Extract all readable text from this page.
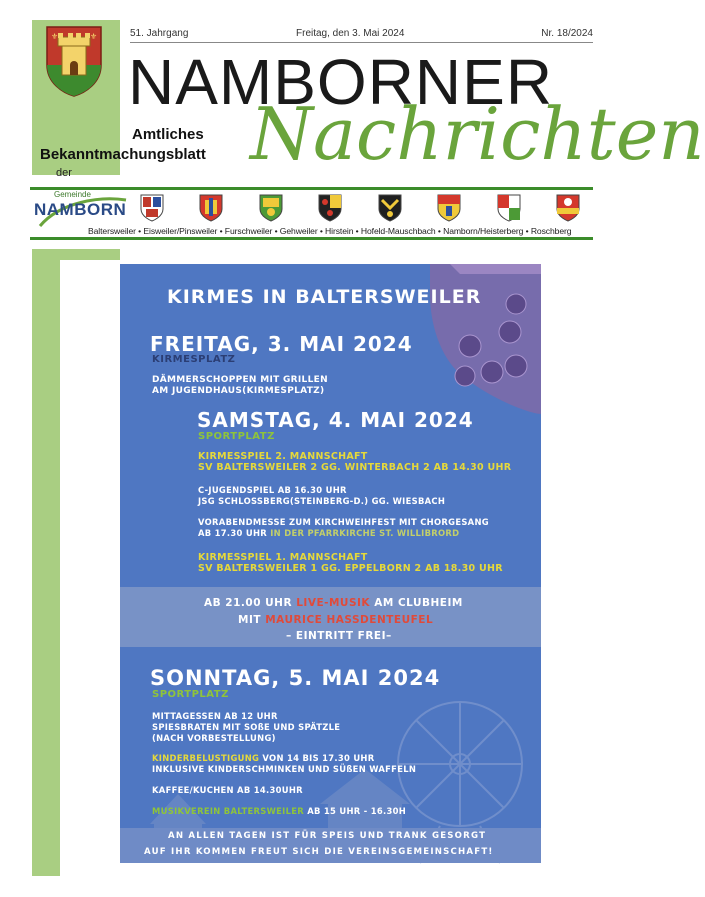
⚜	⚜	51. Jahrgang	Freitag, den 3. Mai 2024	Nr. 18/2024
NAMBORNER
Nachrichten
Amtliches
Bekanntmachungsblatt
der
Gemeinde
NAMBORN
Baltersweiler • Eisweiler/Pinsweiler • Furschweiler • Gehweiler • Hirstein • Hofeld-Mauschbach • Namborn/Heisterberg • Roschberg
KIRMES IN BALTERSWEILER
FREITAG, 3. MAI 2024
KIRMESPLATZ
DÄMMERSCHOPPEN MIT GRILLEN
AM JUGENDHAUS(KIRMESPLATZ)
SAMSTAG, 4. MAI 2024
SPORTPLATZ
KIRMESSPIEL 2. MANNSCHAFT
SV BALTERSWEILER 2 GG. WINTERBACH 2 AB 14.30 UHR
C-JUGENDSPIEL AB 16.30 UHR
JSG SCHLOSSBERG(STEINBERG-D.) GG. WIESBACH
VORABENDMESSE ZUM KIRCHWEIHFEST MIT CHORGESANG
AB 17.30 UHR IN DER PFARRKIRCHE ST. WILLIBRORD
KIRMESSPIEL 1. MANNSCHAFT
SV BALTERSWEILER 1 GG. EPPELBORN 2 AB 18.30 UHR
AB 21.00 UHR LIVE-MUSIK AM CLUBHEIM
MIT MAURICE HASSDENTEUFEL
– EINTRITT FREI–
SONNTAG, 5. MAI 2024
SPORTPLATZ
MITTAGESSEN AB 12 UHR
SPIESBRATEN MIT SOßE UND SPÄTZLE
(NACH VORBESTELLUNG)
KINDERBELUSTIGUNG VON 14 BIS 17.30 UHR
INKLUSIVE KINDERSCHMINKEN UND SÜßEN WAFFELN
KAFFEE/KUCHEN AB 14.30UHR
MUSIKVEREIN BALTERSWEILER AB 15 UHR - 16.30H
AN ALLEN TAGEN IST FÜR SPEIS UND TRANK GESORGT
AUF IHR KOMMEN FREUT SICH DIE VEREINSGEMEINSCHAFT!
